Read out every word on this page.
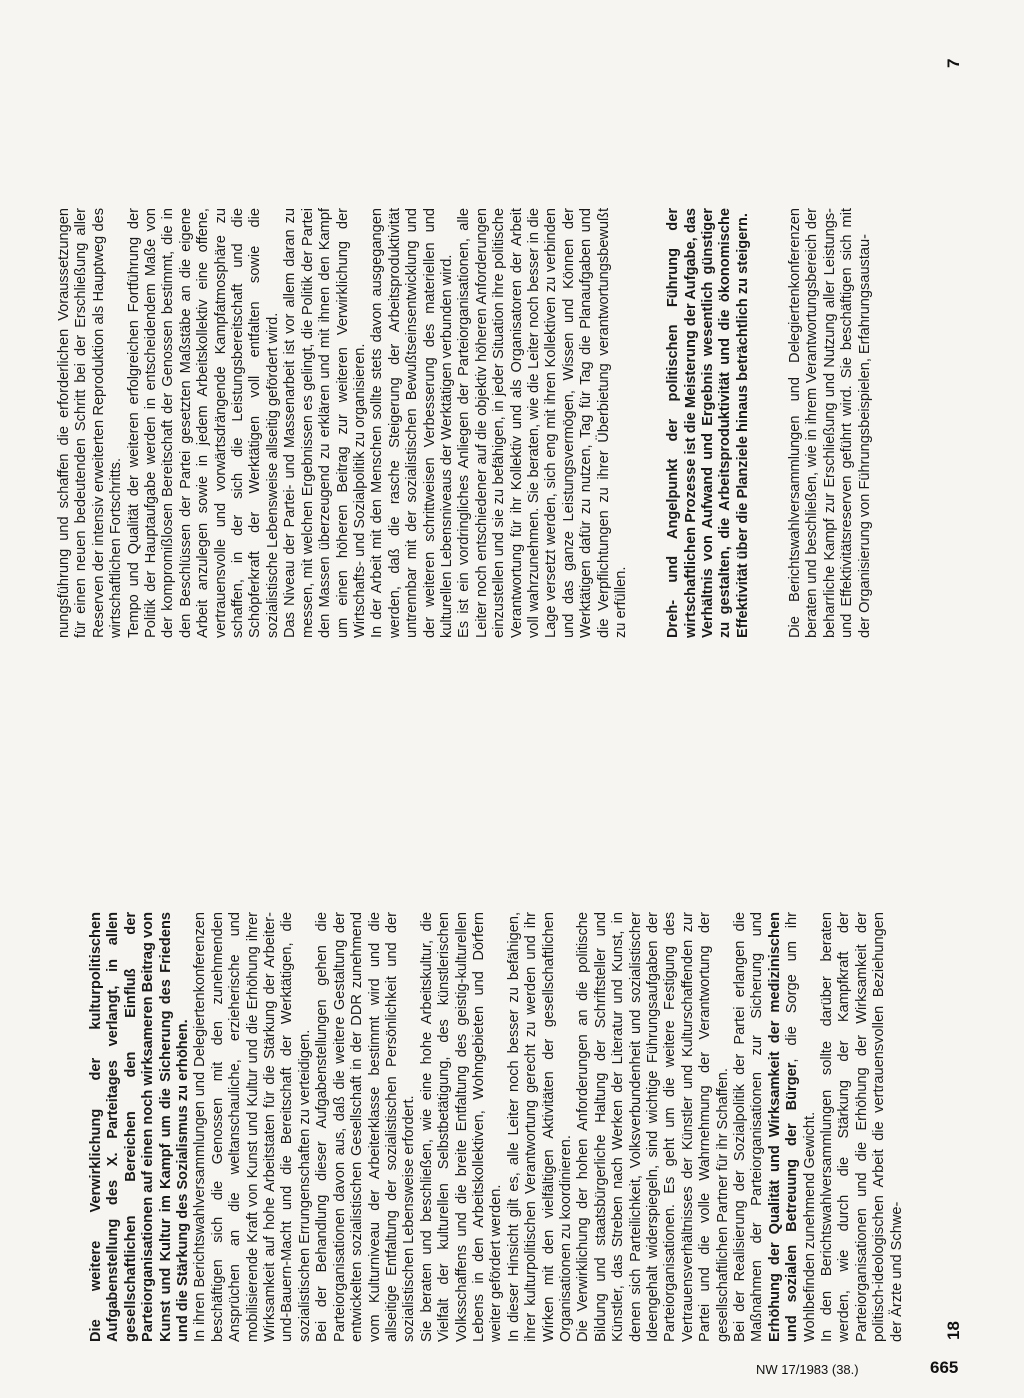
Die weitere Verwirklichung der kulturpolitischen Aufgabenstellung des X. Parteitages verlangt, in allen gesellschaftlichen Bereichen den Einfluß der Parteiorganisationen auf einen noch wirksameren Beitrag von Kunst und Kultur im Kampf um die Sicherung des Friedens und die Stärkung des Sozialismus zu erhöhen. In ihren Berichtswahlversammlungen und Delegiertenkonferenzen beschäftigen sich die Genossen mit den zunehmenden Ansprüchen an die weltanschauliche, erzieherische und mobilisierende Kraft von Kunst und Kultur und die Erhöhung ihrer Wirksamkeit auf hohe Arbeitstaten für die Stärkung der Arbeiter-und-Bauern-Macht und die Bereitschaft der Werktätigen, die sozialistischen Errungenschaften zu verteidigen. Bei der Behandlung dieser Aufgabenstellungen gehen die Parteiorganisationen davon aus, daß die weitere Gestaltung der entwickelten sozialistischen Gesellschaft in der DDR zunehmend vom Kulturniveau der Arbeiterklasse bestimmt wird und die allseitige Entfaltung der sozialistischen Persönlichkeit und der sozialistischen Lebensweise erfordert. Sie beraten und beschließen, wie eine hohe Arbeitskultur, die Vielfalt der kulturellen Selbstbetätigung, des künstlerischen Volksschaffens und die breite Entfaltung des geistig-kulturellen Lebens in den Arbeitskollektiven, Wohngebieten und Dörfern weiter gefördert werden. In dieser Hinsicht gilt es, alle Leiter noch besser zu befähigen, ihrer kulturpolitischen Verantwortung gerecht zu werden und ihr Wirken mit den vielfältigen Aktivitäten der gesellschaftlichen Organisationen zu koordinieren. Die Verwirklichung der hohen Anforderungen an die politische Bildung und staatsbürgerliche Haltung der Schriftsteller und Künstler, das Streben nach Werken der Literatur und Kunst, in denen sich Parteilichkeit, Volksverbundenheit und sozialistischer Ideengehalt widerspiegeln, sind wichtige Führungsaufgaben der Parteiorganisationen. Es geht um die weitere Festigung des Vertrauensverhältnisses der Künstler und Kulturschaffenden zur Partei und die volle Wahrnehmung der Verantwortung der gesellschaftlichen Partner für ihr Schaffen. Bei der Realisierung der Sozialpolitik der Partei erlangen die Maßnahmen der Parteiorganisationen zur Sicherung und Erhöhung der Qualität und Wirksamkeit der medizinischen und sozialen Betreuung der Bürger, die Sorge um ihr Wohlbefinden zunehmend Gewicht. In den Berichtswahlversammlungen sollte darüber beraten werden, wie durch die Stärkung der Kampfkraft der Parteiorganisationen und die Erhöhung der Wirksamkeit der politisch-ideologischen Arbeit die vertrauensvollen Beziehungen der Ärzte und Schwe-

nungsführung und schaffen die erforderlichen Voraussetzungen für einen neuen bedeutenden Schritt bei der Erschließung aller Reserven der intensiv erweiterten Reproduktion als Hauptweg des wirtschaftlichen Fortschritts. Tempo und Qualität der weiteren erfolgreichen Fortführung der Politik der Hauptaufgabe werden in entscheidendem Maße von der kompromißlosen Bereitschaft der Genossen bestimmt, die in den Beschlüssen der Partei gesetzten Maßstäbe an die eigene Arbeit anzulegen sowie in jedem Arbeitskollektiv eine offene, vertrauensvolle und vorwärtsdrängende Kampfatmosphäre zu schaffen, in der sich die Leistungsbereitschaft und die Schöpferkraft der Werktätigen voll entfalten sowie die sozialistische Lebensweise allseitig gefördert wird. Das Niveau der Partei- und Massenarbeit ist vor allem daran zu messen, mit welchen Ergebnissen es gelingt, die Politik der Partei den Massen überzeugend zu erklären und mit ihnen den Kampf um einen höheren Beitrag zur weiteren Verwirklichung der Wirtschafts- und Sozialpolitik zu organisieren. In der Arbeit mit den Menschen sollte stets davon ausgegangen werden, daß die rasche Steigerung der Arbeitsproduktivität untrennbar mit der sozialistischen Bewußtseinsentwicklung und der weiteren schrittweisen Verbesserung des materiellen und kulturellen Lebensniveaus der Werktätigen verbunden wird. Es ist ein vordringliches Anliegen der Parteiorganisationen, alle Leiter noch entschiedener auf die objektiv höheren Anforderungen einzustellen und sie zu befähigen, in jeder Situation ihre politische Verantwortung für ihr Kollektiv und als Organisatoren der Arbeit voll wahrzunehmen. Sie beraten, wie die Leiter noch besser in die Lage versetzt werden, sich eng mit ihren Kollektiven zu verbinden und das ganze Leistungsvermögen, Wissen und Können der Werktätigen dafür zu nutzen, Tag für Tag die Planaufgaben und die Verpflichtungen zu ihrer Überbietung verantwortungsbewußt zu erfüllen. Dreh- und Angelpunkt der politischen Führung der wirtschaftlichen Prozesse ist die Meisterung der Aufgabe, das Verhältnis von Aufwand und Ergebnis wesentlich günstiger zu gestalten, die Arbeitsproduktivität und die ökonomische Effektivität über die Planziele hinaus beträchtlich zu steigern. Die Berichtswahlversammlungen und Delegiertenkonferenzen beraten und beschließen, wie in ihrem Verantwortungsbereich der beharrliche Kampf zur Erschließung und Nutzung aller Leistungs- und Effektivitätsreserven geführt wird. Sie beschäftigen sich mit der Organisierung von Führungsbeispielen, Erfahrungsaustau-

18
7
NW 17/1983 (38.)	665
